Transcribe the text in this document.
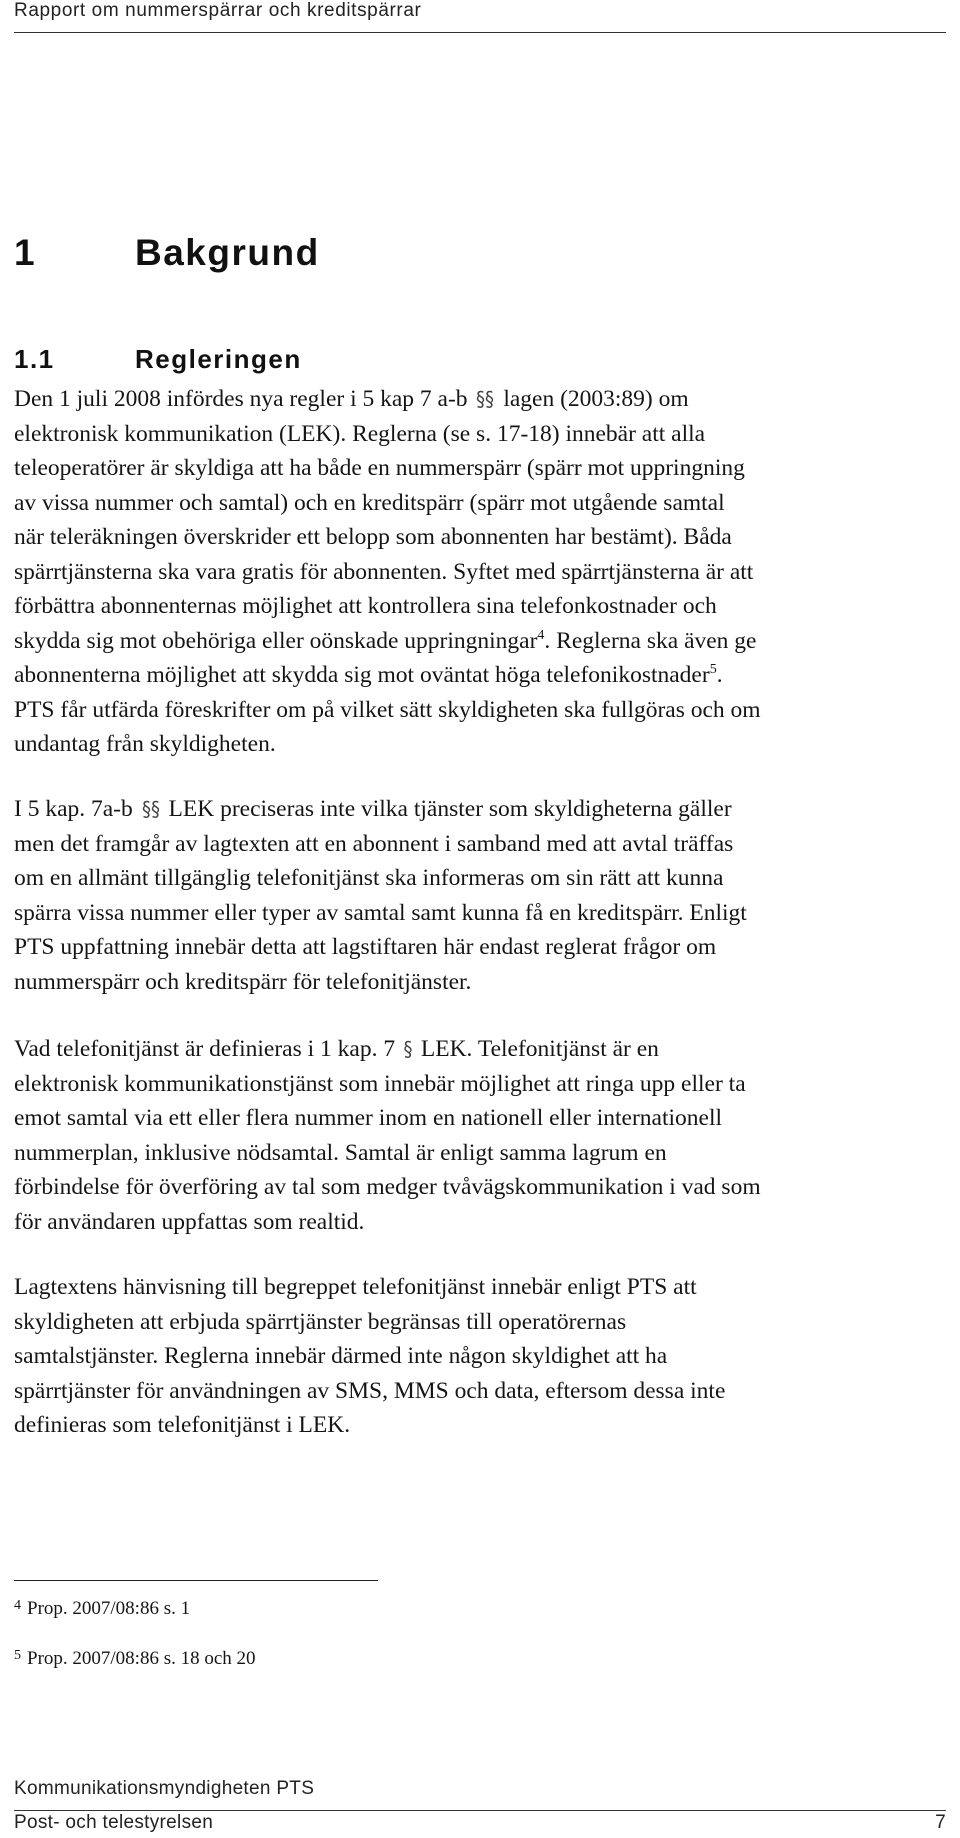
Rapport om nummerspärrar och kreditspärrar
1	Bakgrund
1.1	Regleringen
Den 1 juli 2008 infördes nya regler i 5 kap 7 a-b §§ lagen (2003:89) om
elektronisk kommunikation (LEK). Reglerna (se s. 17-18) innebär att alla
teleoperatörer är skyldiga att ha både en nummerspärr (spärr mot uppringning
av vissa nummer och samtal) och en kreditspärr (spärr mot utgående samtal
när teleräkningen överskrider ett belopp som abonnenten har bestämt). Båda
spärrtjänsterna ska vara gratis för abonnenten. Syftet med spärrtjänsterna är att
förbättra abonnenternas möjlighet att kontrollera sina telefonkostnader och
skydda sig mot obehöriga eller oönskade uppringningar$^4$. Reglerna ska även ge
abonnenterna möjlighet att skydda sig mot oväntat höga telefonikostnader$^5$.
PTS får utfärda föreskrifter om på vilket sätt skyldigheten ska fullgöras och om
undantag från skyldigheten.
I 5 kap. 7a-b §§ LEK preciseras inte vilka tjänster som skyldigheterna gäller
men det framgår av lagtexten att en abonnent i samband med att avtal träffas
om en allmänt tillgänglig telefonitjänst ska informeras om sin rätt att kunna
spärra vissa nummer eller typer av samtal samt kunna få en kreditspärr. Enligt
PTS uppfattning innebär detta att lagstiftaren här endast reglerat frågor om
nummerspärr och kreditspärr för telefonitjänster.
Vad telefonitjänst är definieras i 1 kap. 7 § LEK. Telefonitjänst är en
elektronisk kommunikationstjänst som innebär möjlighet att ringa upp eller ta
emot samtal via ett eller flera nummer inom en nationell eller internationell
nummerplan, inklusive nödsamtal. Samtal är enligt samma lagrum en
förbindelse för överföring av tal som medger tvåvägskommunikation i vad som
för användaren uppfattas som realtid.
Lagtextens hänvisning till begreppet telefonitjänst innebär enligt PTS att
skyldigheten att erbjuda spärrtjänster begränsas till operatörernas
samtalstjänster. Reglerna innebär därmed inte någon skyldighet att ha
spärrtjänster för användningen av SMS, MMS och data, eftersom dessa inte
definieras som telefonitjänst i LEK.
$^4$ Prop. 2007/08:86 s. 1
$^5$ Prop. 2007/08:86 s. 18 och 20
Kommunikationsmyndigheten PTS
Post- och telestyrelsen	7
